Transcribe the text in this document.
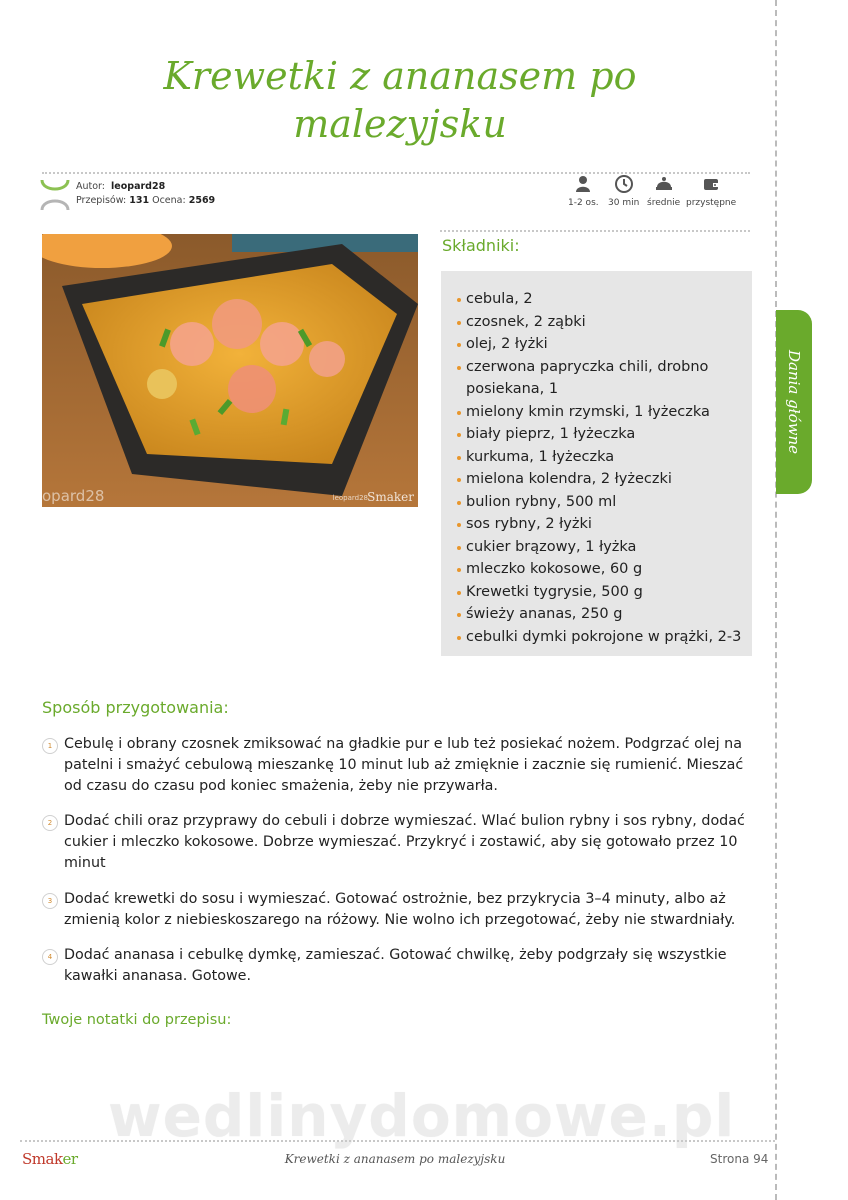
Krewetki z ananasem po malezyjsku
Autor: leopard28
Przepisów: 131 Ocena: 2569	1-2 os. 30 min średnie przystępne
opard28	leopard28 Smaker
Składniki:
cebula, 2
czosnek, 2 ząbki
olej, 2 łyżki
czerwona papryczka chili, drobno posiekana, 1
mielony kmin rzymski, 1 łyżeczka
biały pieprz, 1 łyżeczka
kurkuma, 1 łyżeczka
mielona kolendra, 2 łyżeczki
bulion rybny, 500 ml
sos rybny, 2 łyżki
cukier brązowy, 1 łyżka
mleczko kokosowe, 60 g
Krewetki tygrysie, 500 g
świeży ananas, 250 g
cebulki dymki pokrojone w prążki, 2-3
Dania główne
Sposób przygotowania:
1 Cebulę i obrany czosnek zmiksować na gładkie pur e lub też posiekać nożem. Podgrzać olej na patelni i smażyć cebulową mieszankę 10 minut lub aż zmięknie i zacznie się rumienić. Mieszać od czasu do czasu pod koniec smażenia, żeby nie przywarła.
2 Dodać chili oraz przyprawy do cebuli i dobrze wymieszać. Wlać bulion rybny i sos rybny, dodać cukier i mleczko kokosowe. Dobrze wymieszać. Przykryć i zostawić, aby się gotowało przez 10 minut
3 Dodać krewetki do sosu i wymieszać. Gotować ostrożnie, bez przykrycia 3–4 minuty, albo aż zmienią kolor z niebieskoszarego na różowy. Nie wolno ich przegotować, żeby nie stwardniały.
4 Dodać ananasa i cebulkę dymkę, zamieszać. Gotować chwilkę, żeby podgrzały się wszystkie kawałki ananasa. Gotowe.
Twoje notatki do przepisu:
wedlinydomowe.pl
Smaker	Krewetki z ananasem po malezyjsku	Strona 94
